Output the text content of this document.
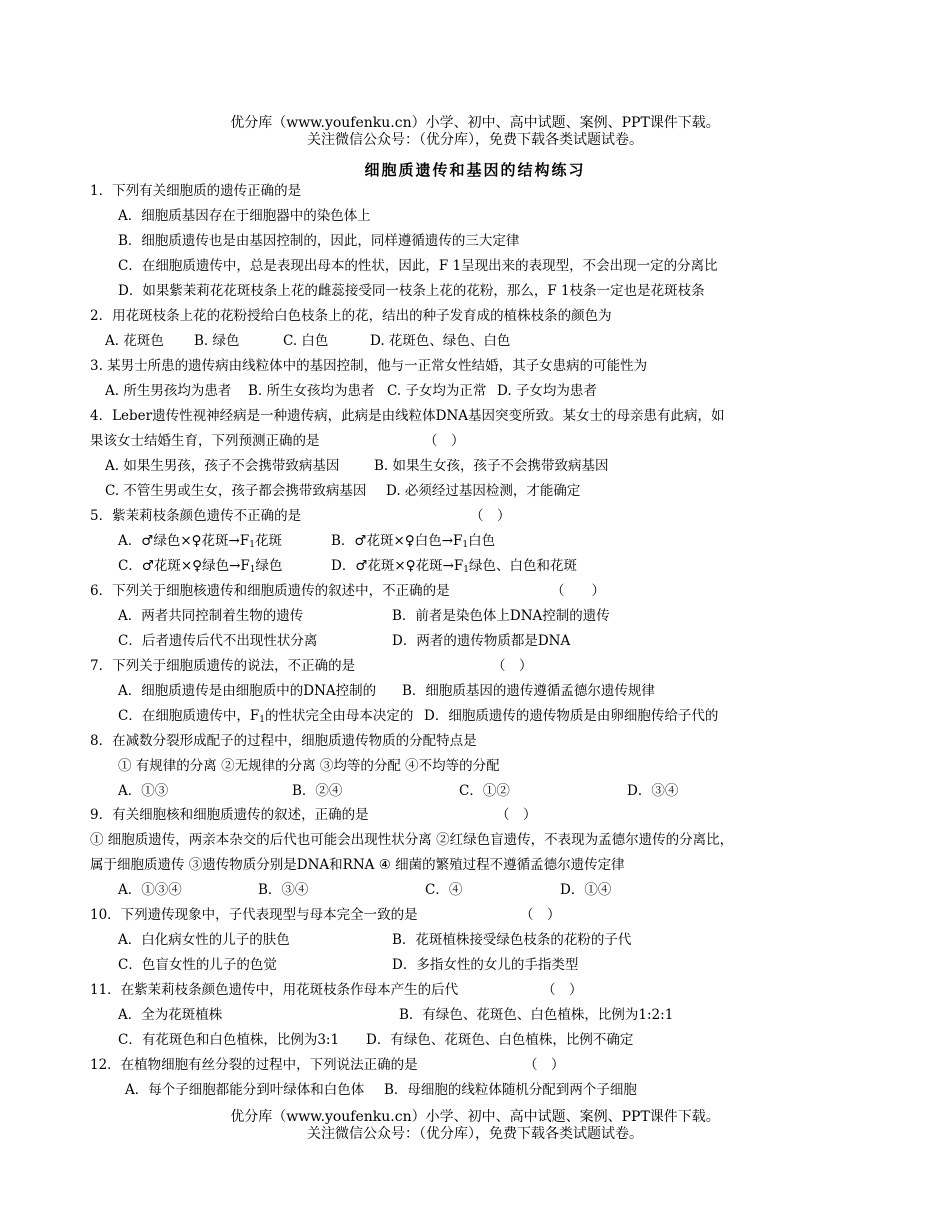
优分库（www.youfenku.cn）小学、初中、高中试题、案例、PPT课件下载。
关注微信公众号：（优分库），免费下载各类试题试卷。
细胞质遗传和基因的结构练习
1．下列有关细胞质的遗传正确的是
A．细胞质基因存在于细胞器中的染色体上
B．细胞质遗传也是由基因控制的，因此，同样遵循遗传的三大定律
C．在细胞质遗传中，总是表现出母本的性状，因此，F 1呈现出来的表现型，不会出现一定的分离比
D．如果紫茉莉花花斑枝条上花的雌蕊接受同一枝条上花的花粉，那么，F 1枝条一定也是花斑枝条
2．用花斑枝条上花的花粉授给白色枝条上的花，结出的种子发育成的植株枝条的颜色为
A. 花斑色 B. 绿色	C. 白色	D. 花斑色、绿色、白色
3. 某男士所患的遗传病由线粒体中的基因控制，他与一正常女性结婚，其子女患病的可能性为
A. 所生男孩均为患者 B. 所生女孩均为患者 C. 子女均为正常 D. 子女均为患者
4．Leber遗传性视神经病是一种遗传病，此病是由线粒体DNA基因突变所致。某女士的母亲患有此病，如
果该女士结婚生育，下列预测正确的是	（　）
A. 如果生男孩，孩子不会携带致病基因	B. 如果生女孩，孩子不会携带致病基因
C. 不管生男或生女，孩子都会携带致病基因 D. 必须经过基因检测，才能确定
5．紫茉莉枝条颜色遗传不正确的是	（　）
A．♂绿色×♀花斑$\to F_1$花斑	B．♂花斑×♀白色$\to F_1$白色
C．♂花斑×♀绿色$\to F_1$绿色	D．♂花斑×♀花斑$\to F_1$绿色、白色和花斑
6．下列关于细胞核遗传和细胞质遗传的叙述中，不正确的是	（　　）
A．两者共同控制着生物的遗传	B．前者是染色体上DNA控制的遗传
C．后者遗传后代不出现性状分离	D．两者的遗传物质都是DNA
7．下列关于细胞质遗传的说法，不正确的是	（　）
A．细胞质遗传是由细胞质中的DNA控制的 B．细胞质基因的遗传遵循孟德尔遗传规律
C．在细胞质遗传中，$F_1$的性状完全由母本决定的 D．细胞质遗传的遗传物质是由卵细胞传给子代的
8．在减数分裂形成配子的过程中，细胞质遗传物质的分配特点是
① 有规律的分离 ②无规律的分离 ③均等的分配 ④不均等的分配
A．①③	B．②④	C．①②	D．③④
9．有关细胞核和细胞质遗传的叙述，正确的是	（　）
① 细胞质遗传，两亲本杂交的后代也可能会出现性状分离 ②红绿色盲遗传，不表现为孟德尔遗传的分离比，
属于细胞质遗传 ③遗传物质分别是DNA和RNA ④ 细菌的繁殖过程不遵循孟德尔遗传定律
A．①③④	B．③④	C．④	D．①④
10．下列遗传现象中，子代表现型与母本完全一致的是	（　）
A．白化病女性的儿子的肤色	B．花斑植株接受绿色枝条的花粉的子代
C．色盲女性的儿子的色觉	D．多指女性的女儿的手指类型
11．在紫茉莉枝条颜色遗传中，用花斑枝条作母本产生的后代	（　）
A．全为花斑植株	B．有绿色、花斑色、白色植株，比例为1:2:1
C．有花斑色和白色植株，比例为3:1 D．有绿色、花斑色、白色植株，比例不确定
12．在植物细胞有丝分裂的过程中，下列说法正确的是	（　）
A．每个子细胞都能分到叶绿体和白色体 B．母细胞的线粒体随机分配到两个子细胞
优分库（www.youfenku.cn）小学、初中、高中试题、案例、PPT课件下载。
关注微信公众号：（优分库），免费下载各类试题试卷。
